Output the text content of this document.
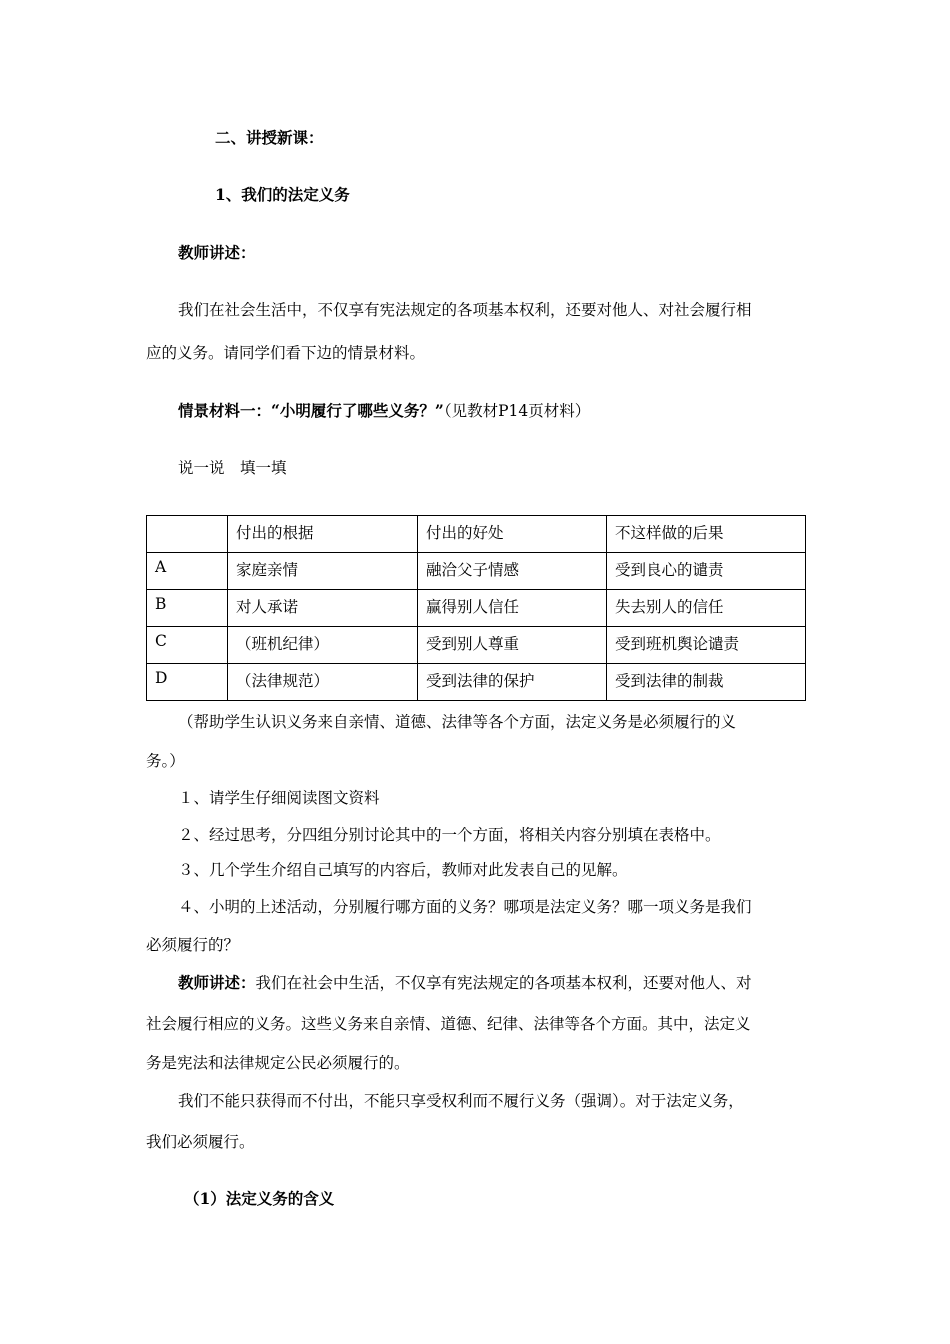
二、讲授新课：
1、我们的法定义务
教师讲述：
我们在社会生活中，不仅享有宪法规定的各项基本权利，还要对他人、对社会履行相
应的义务。请同学们看下边的情景材料。
情景材料一：“小明履行了哪些义务？”（见教材P14页材料）
说一说　填一填
	付出的根据	付出的好处	不这样做的后果
A	家庭亲情	融洽父子情感	受到良心的谴责
B	对人承诺	赢得别人信任	失去别人的信任
C	（班机纪律）	受到别人尊重	受到班机舆论谴责
D	（法律规范）	受到法律的保护	受到法律的制裁
（帮助学生认识义务来自亲情、道德、法律等各个方面，法定义务是必须履行的义
务。）
１、请学生仔细阅读图文资料
２、经过思考，分四组分别讨论其中的一个方面，将相关内容分别填在表格中。
３、几个学生介绍自己填写的内容后，教师对此发表自己的见解。
４、小明的上述活动，分别履行哪方面的义务？哪项是法定义务？哪一项义务是我们
必须履行的？
教师讲述：我们在社会中生活，不仅享有宪法规定的各项基本权利，还要对他人、对
社会履行相应的义务。这些义务来自亲情、道德、纪律、法律等各个方面。其中，法定义
务是宪法和法律规定公民必须履行的。
我们不能只获得而不付出，不能只享受权利而不履行义务（强调）。对于法定义务，
我们必须履行。
（1）法定义务的含义
